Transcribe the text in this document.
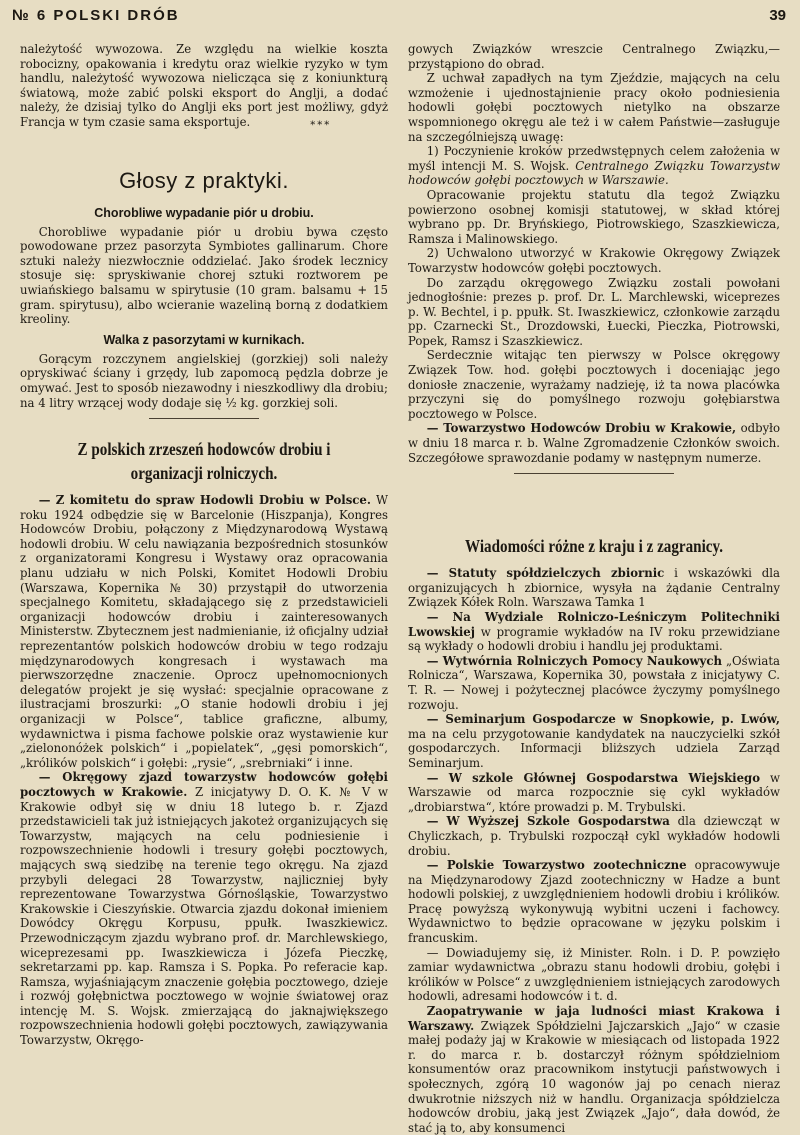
№ 6 POLSKI DRÓB	39

należytość wywozowa. Ze względu na wielkie koszta robocizny, opakowania i kredytu oraz wielkie ryzyko w tym handlu, należytość wywozowa nielicząca się z koniunkturą światową, może zabić polski eksport do Anglji, a dodać należy, że dzisiaj tylko do Anglji eks port jest możliwy, gdyż Francja w tym czasie sama eksportuje.	* * *

Głosy z praktyki.
Chorobliwe wypadanie piór u drobiu.

Chorobliwe wypadanie piór u drobiu bywa często powodowane przez pasorzyta Symbiotes gallinarum. Chore sztuki należy niezwłocznie oddzielać. Jako środek lecznicy stosuje się: spryskiwanie chorej sztuki roztworem pe uwiańskiego balsamu w spirytusie (10 gram. balsamu + 15 gram. spirytusu), albo wcieranie wazeliną borną z dodatkiem kreoliny.

Walka z pasorzytami w kurnikach.

Gorącym rozczynem angielskiej (gorzkiej) soli należy opryskiwać ściany i grzędy, lub zapomocą pędzla dobrze je omywać. Jest to sposób niezawodny i nieszkodliwy dla drobiu; na 4 litry wrzącej wody dodaje się ½ kg. gorzkiej soli.

Z polskich zrzeszeń hodowców drobiu i organizacji rolniczych.

— Z komitetu do spraw Hodowli Drobiu w Polsce. W roku 1924 odbędzie się w Barcelonie (Hiszpanja), Kongres Hodowców Drobiu, połączony z Międzynarodową Wystawą hodowli drobiu. W celu nawiązania bezpośrednich stosunków z organizatorami Kongresu i Wystawy oraz opracowania planu udziału w nich Polski, Komitet Hodowli Drobiu (Warszawa, Kopernika № 30) przystąpił do utworzenia specjalnego Komitetu, składającego się z przedstawicieli organizacji hodowców drobiu i zainteresowanych Ministerstw. Zbytecznem jest nadmienianie, iż oficjalny udział reprezentantów polskich hodowców drobiu w tego rodzaju międzynarodowych kongresach i wystawach ma pierwszorzędne znaczenie. Oprocz upełnomocnionych delegatów projekt je się wysłać: specjalnie opracowane z ilustracjami broszurki: „O stanie hodowli drobiu i jej organizacji w Polsce“, tablice graficzne, albumy, wydawnictwa i pisma fachowe polskie oraz wystawienie kur „zielononóżek polskich“ i „popielatek“, „gęsi pomorskich“, „królików polskich“ i gołębi: „rysie“, „srebrniaki“ i inne.

— Okręgowy zjazd towarzystw hodowców gołębi pocztowych w Krakowie. Z inicjatywy D. O. K. № V w Krakowie odbył się w dniu 18 lutego b. r. Zjazd przedstawicieli tak już istniejących jakoteż organizujących się Towarzystw, mających na celu podniesienie i rozpowszechnienie hodowli i tresury gołębi pocztowych, mających swą siedzibę na terenie tego okręgu. Na zjazd przybyli delegaci 28 Towarzystw, najliczniej były reprezentowane Towarzystwa Górnośląskie, Towarzystwo Krakowskie i Cieszyńskie. Otwarcia zjazdu dokonał imieniem Dowódcy Okręgu Korpusu, ppułk. Iwaszkiewicz. Przewodniczącym zjazdu wybrano prof. dr. Marchlewskiego, wiceprezesami pp. Iwaszkiewicza i Józefa Pieczkę, sekretarzami pp. kap. Ramsza i S. Popka. Po referacie kap. Ramsza, wyjaśniającym znaczenie gołębia pocztowego, dzieje i rozwój gołębnictwa pocztowego w wojnie światowej oraz intencję M. S. Wojsk. zmierzającą do jaknajwiększego rozpowszechnienia hodowli gołębi pocztowych, zawiązywania Towarzystw, Okręgo-

gowych Związków wreszcie Centralnego Związku,—przystąpiono do obrad.

Z uchwał zapadłych na tym Zjeździe, mających na celu wzmożenie i ujednostajnienie pracy około podniesienia hodowli gołębi pocztowych nietylko na obszarze wspomnionego okręgu ale też i w całem Państwie—zasługuje na szczególniejszą uwagę:

1) Poczynienie kroków przedwstępnych celem założenia w myśl intencji M. S. Wojsk. Centralnego Związku Towarzystw hodowców gołębi pocztowych w Warszawie.

Opracowanie projektu statutu dla tegoż Związku powierzono osobnej komisji statutowej, w skład której wybrano pp. Dr. Bryńskiego, Piotrowskiego, Szaszkiewicza, Ramsza i Malinowskiego.

2) Uchwalono utworzyć w Krakowie Okręgowy Związek Towarzystw hodowców gołębi pocztowych.

Do zarządu okręgowego Związku zostali powołani jednogłośnie: prezes p. prof. Dr. L. Marchlewski, wiceprezes p. W. Bechtel, i p. ppułk. St. Iwaszkiewicz, członkowie zarządu pp. Czarnecki St., Drozdowski, Łuecki, Pieczka, Piotrowski, Popek, Ramsz i Szaszkiewicz.

Serdecznie witając ten pierwszy w Polsce okręgowy Związek Tow. hod. gołębi pocztowych i doceniając jego doniosłe znaczenie, wyrażamy nadzieję, iż ta nowa placówka przyczyni się do pomyślnego rozwoju gołębiarstwa pocztowego w Polsce.

— Towarzystwo Hodowców Drobiu w Krakowie, odbyło w dniu 18 marca r. b. Walne Zgromadzenie Członków swoich. Szczegółowe sprawozdanie podamy w następnym numerze.

Wiadomości różne z kraju i z zagranicy.

— Statuty spółdzielczych zbiornic i wskazówki dla organizujących h zbiornice, wysyła na żądanie Centralny Związek Kółek Roln. Warszawa Tamka 1

— Na Wydziale Rolniczo-Leśniczym Politechniki Lwowskiej w programie wykładów na IV roku przewidziane są wykłady o hodowli drobiu i handlu jej produktami.

— Wytwórnia Rolniczych Pomocy Naukowych „Oświata Rolnicza“, Warszawa, Kopernika 30, powstała z inicjatywy C. T. R. — Nowej i pożytecznej placówce życzymy pomyślnego rozwoju.

— Seminarjum Gospodarcze w Snopkowie, p. Lwów, ma na celu przygotowanie kandydatek na nauczycielki szkół gospodarczych. Informacji bliższych udziela Zarząd Seminarjum.

— W szkole Głównej Gospodarstwa Wiejskiego w Warszawie od marca rozpocznie się cykl wykładów „drobiarstwa“, które prowadzi p. M. Trybulski.

— W Wyższej Szkole Gospodarstwa dla dziewcząt w Chyliczkach, p. Trybulski rozpoczął cykl wykładów hodowli drobiu.

— Polskie Towarzystwo zootechniczne opracowywuje na Międzynarodowy Zjazd zootechniczny w Hadze a bunt hodowli polskiej, z uwzględnieniem hodowli drobiu i królików. Pracę powyższą wykonywują wybitni uczeni i fachowcy. Wydawnictwo to będzie opracowane w języku polskim i francuskim.

— Dowiadujemy się, iż Minister. Roln. i D. P. powzięło zamiar wydawnictwa „obrazu stanu hodowli drobiu, gołębi i królików w Polsce“ z uwzględnieniem istniejących zarodowych hodowli, adresami hodowców i t. d.

Zaopatrywanie w jaja ludności miast Krakowa i Warszawy. Związek Spółdzielni Jajczarskich „Jajo“ w czasie małej podaży jaj w Krakowie w miesiącach od listopada 1922 r. do marca r. b. dostarczył różnym spółdzielniom konsumentów oraz pracownikom instytucji państwowych i społecznych, zgórą 10 wagonów jaj po cenach nieraz dwukrotnie niższych niż w handlu. Organizacja spółdzielcza hodowców drobiu, jaką jest Związek „Jajo“, dała dowód, że stać ją to, aby konsumenci
